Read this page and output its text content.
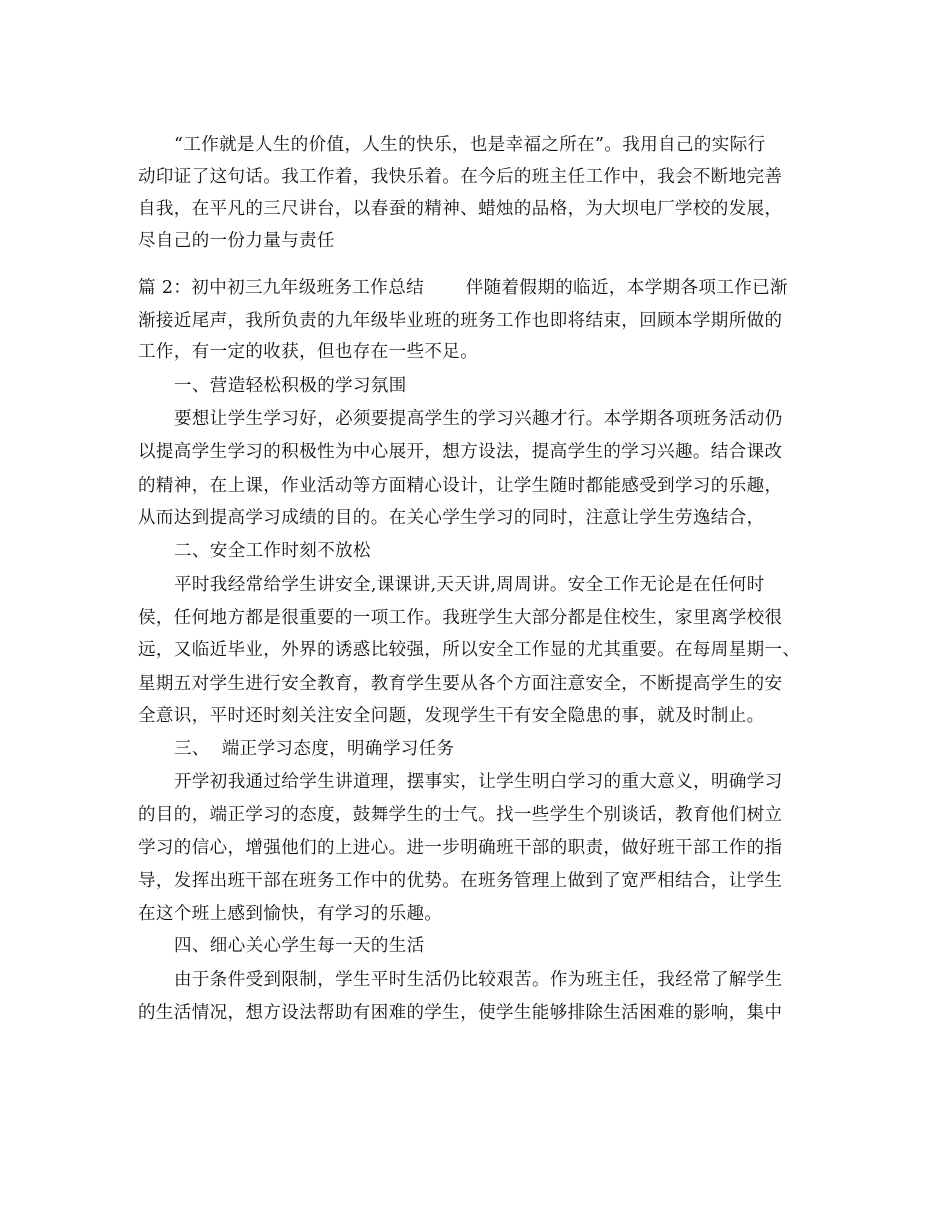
“工作就是人生的价值，人生的快乐，也是幸福之所在”。我用自己的实际行
动印证了这句话。我工作着，我快乐着。在今后的班主任工作中，我会不断地完善
自我，在平凡的三尺讲台，以春蚕的精神、蜡烛的品格，为大坝电厂学校的发展，
尽自己的一份力量与责任
篇 2：初中初三九年级班务工作总结       伴随着假期的临近，本学期各项工作已渐
渐接近尾声，我所负责的九年级毕业班的班务工作也即将结束，回顾本学期所做的
工作，有一定的收获，但也存在一些不足。
一、营造轻松积极的学习氛围
要想让学生学习好，必须要提高学生的学习兴趣才行。本学期各项班务活动仍
以提高学生学习的积极性为中心展开，想方设法，提高学生的学习兴趣。结合课改
的精神，在上课，作业活动等方面精心设计，让学生随时都能感受到学习的乐趣，
从而达到提高学习成绩的目的。在关心学生学习的同时，注意让学生劳逸结合，
二、安全工作时刻不放松
平时我经常给学生讲安全,课课讲,天天讲,周周讲。安全工作无论是在任何时
侯，任何地方都是很重要的一项工作。我班学生大部分都是住校生，家里离学校很
远，又临近毕业，外界的诱惑比较强，所以安全工作显的尤其重要。在每周星期一、
星期五对学生进行安全教育，教育学生要从各个方面注意安全，不断提高学生的安
全意识，平时还时刻关注安全问题，发现学生干有安全隐患的事，就及时制止。
三、  端正学习态度，明确学习任务
开学初我通过给学生讲道理，摆事实，让学生明白学习的重大意义，明确学习
的目的，端正学习的态度，鼓舞学生的士气。找一些学生个别谈话，教育他们树立
学习的信心，增强他们的上进心。进一步明确班干部的职责，做好班干部工作的指
导，发挥出班干部在班务工作中的优势。在班务管理上做到了宽严相结合，让学生
在这个班上感到愉快，有学习的乐趣。
四、细心关心学生每一天的生活
由于条件受到限制，学生平时生活仍比较艰苦。作为班主任，我经常了解学生
的生活情况，想方设法帮助有困难的学生，使学生能够排除生活困难的影响，集中
